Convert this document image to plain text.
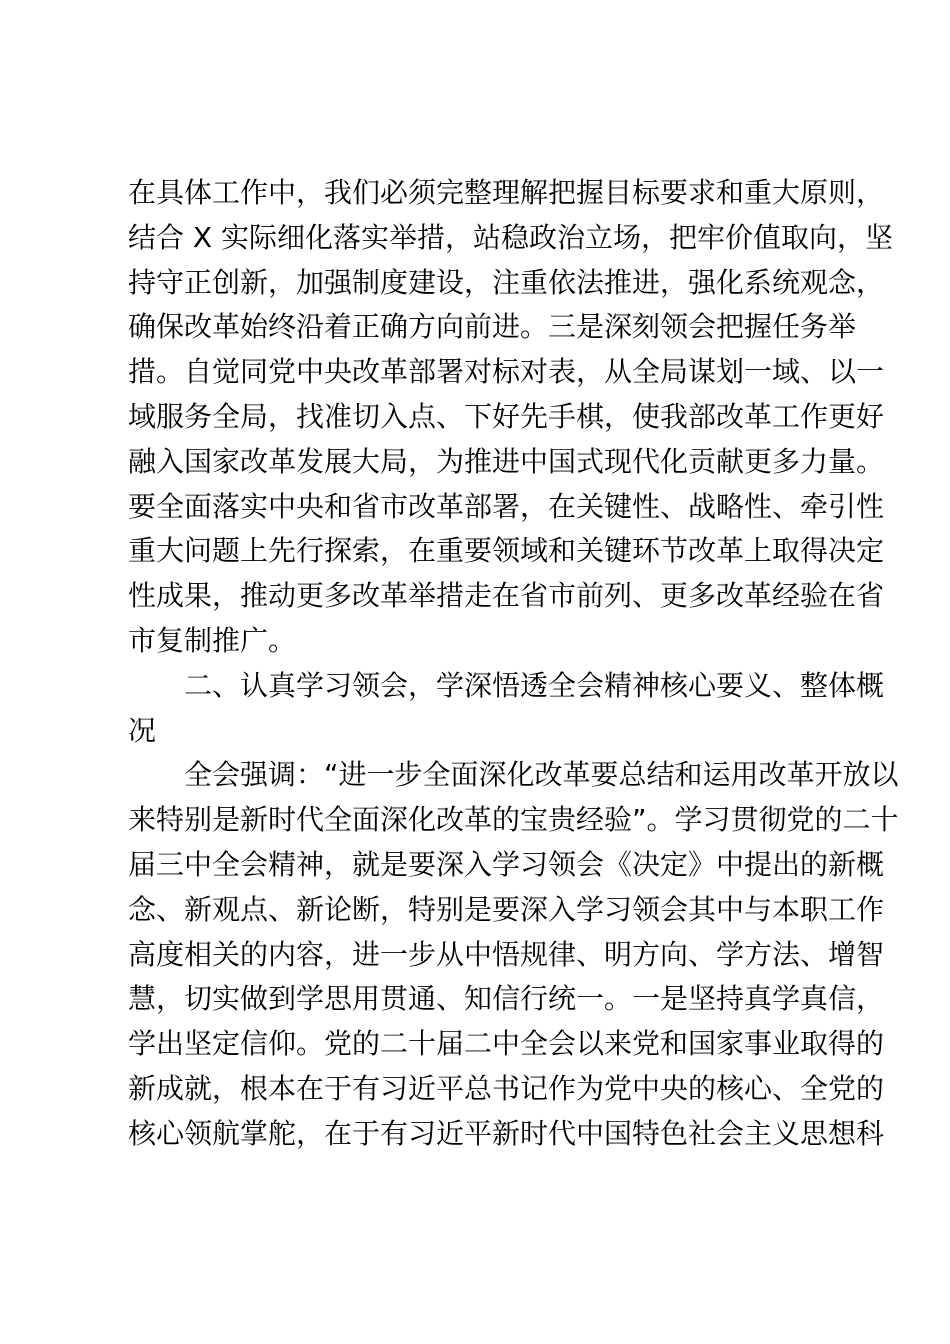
在具体工作中，我们必须完整理解把握目标要求和重大原则，
结合 X 实际细化落实举措，站稳政治立场，把牢价值取向，坚
持守正创新，加强制度建设，注重依法推进，强化系统观念，
确保改革始终沿着正确方向前进。三是深刻领会把握任务举
措。自觉同党中央改革部署对标对表，从全局谋划一域、以一
域服务全局，找准切入点、下好先手棋，使我部改革工作更好
融入国家改革发展大局，为推进中国式现代化贡献更多力量。
要全面落实中央和省市改革部署，在关键性、战略性、牵引性
重大问题上先行探索，在重要领域和关键环节改革上取得决定
性成果，推动更多改革举措走在省市前列、更多改革经验在省
市复制推广。
二、认真学习领会，学深悟透全会精神核心要义、整体概
况
全会强调：“进一步全面深化改革要总结和运用改革开放以
来特别是新时代全面深化改革的宝贵经验”。学习贯彻党的二十
届三中全会精神，就是要深入学习领会《决定》中提出的新概
念、新观点、新论断，特别是要深入学习领会其中与本职工作
高度相关的内容，进一步从中悟规律、明方向、学方法、增智
慧，切实做到学思用贯通、知信行统一。一是坚持真学真信，
学出坚定信仰。党的二十届二中全会以来党和国家事业取得的
新成就，根本在于有习近平总书记作为党中央的核心、全党的
核心领航掌舵，在于有习近平新时代中国特色社会主义思想科
